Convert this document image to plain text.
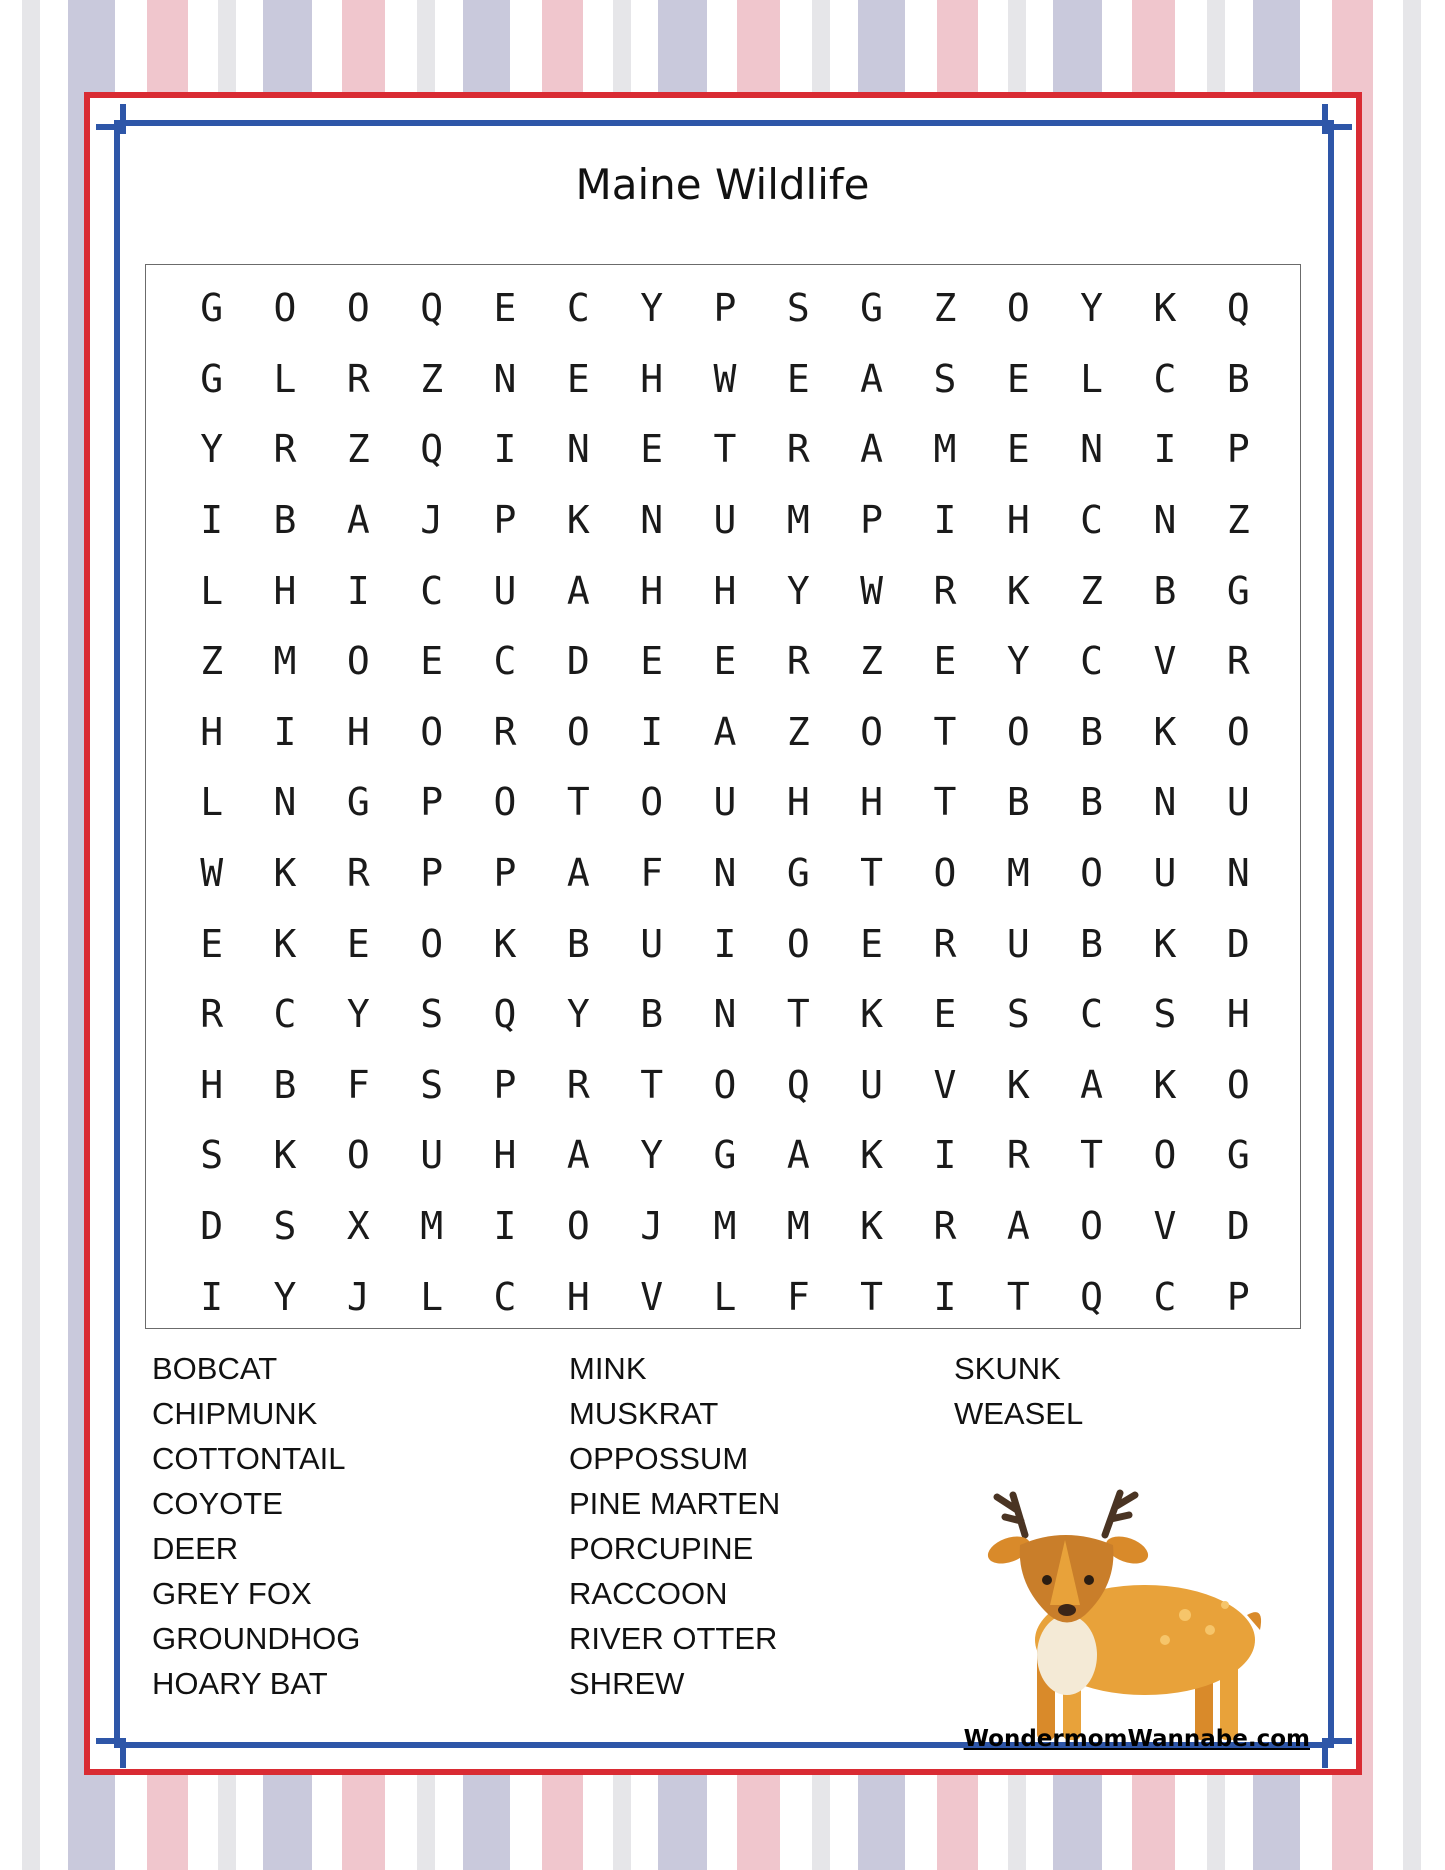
Maine Wildlife
G	O	O	Q	E	C	Y	P	S	G	Z	O	Y	K	Q
G	L	R	Z	N	E	H	W	E	A	S	E	L	C	B
Y	R	Z	Q	I	N	E	T	R	A	M	E	N	I	P
I	B	A	J	P	K	N	U	M	P	I	H	C	N	Z
L	H	I	C	U	A	H	H	Y	W	R	K	Z	B	G
Z	M	O	E	C	D	E	E	R	Z	E	Y	C	V	R
H	I	H	O	R	O	I	A	Z	O	T	O	B	K	O
L	N	G	P	O	T	O	U	H	H	T	B	B	N	U
W	K	R	P	P	A	F	N	G	T	O	M	O	U	N
E	K	E	O	K	B	U	I	O	E	R	U	B	K	D
R	C	Y	S	Q	Y	B	N	T	K	E	S	C	S	H
H	B	F	S	P	R	T	O	Q	U	V	K	A	K	O
S	K	O	U	H	A	Y	G	A	K	I	R	T	O	G
D	S	X	M	I	O	J	M	M	K	R	A	O	V	D
I	Y	J	L	C	H	V	L	F	T	I	T	Q	C	P
BOBCAT
CHIPMUNK
COTTONTAIL
COYOTE
DEER
GREY FOX
GROUNDHOG
HOARY BAT
MINK
MUSKRAT
OPPOSSUM
PINE MARTEN
PORCUPINE
RACCOON
RIVER OTTER
SHREW
SKUNK
WEASEL
WondermomWannabe.com
